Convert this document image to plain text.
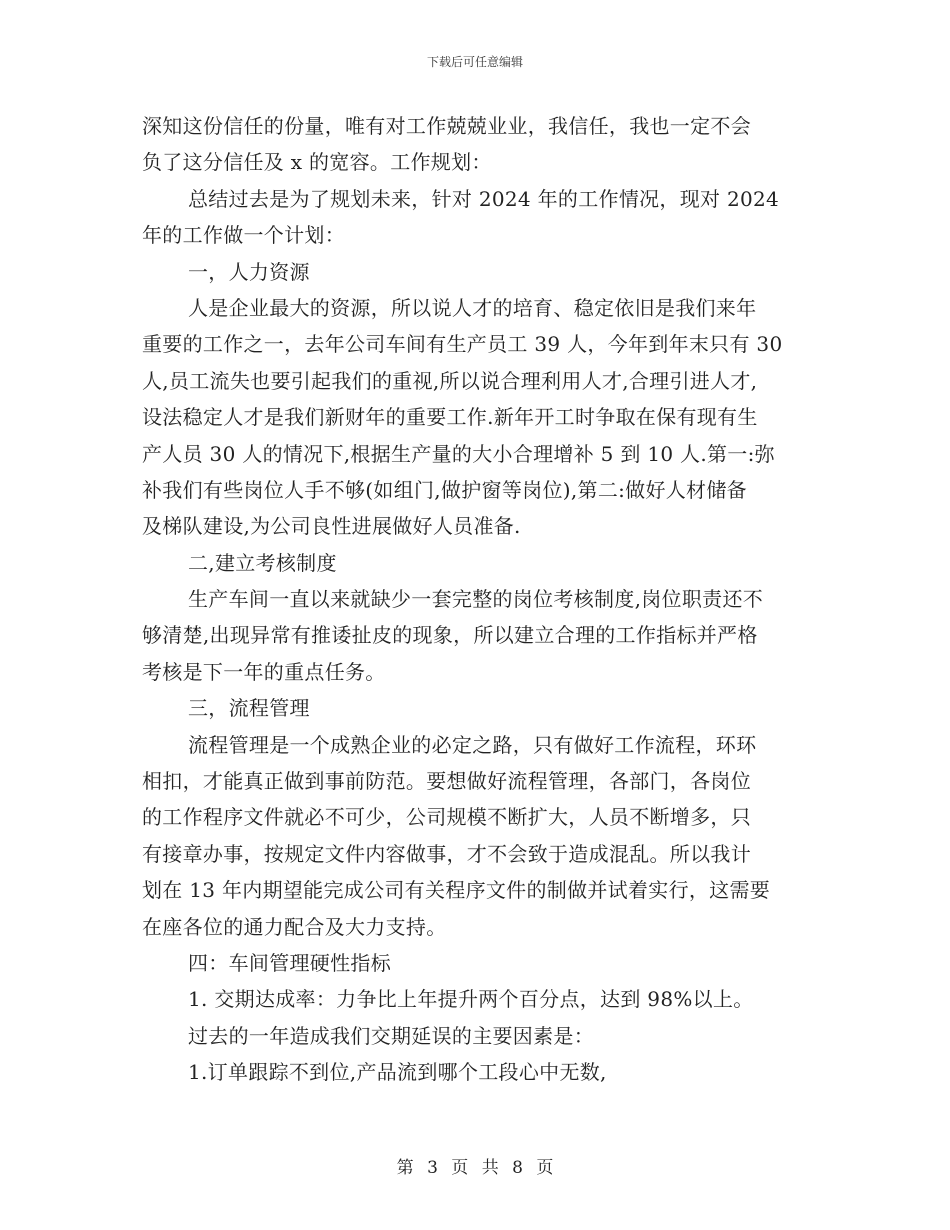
下载后可任意编辑
深知这份信任的份量，唯有对工作兢兢业业，我信任，我也一定不会
负了这分信任及 x 的宽容。工作规划：
总结过去是为了规划未来，针对 2024 年的工作情况，现对 2024
年的工作做一个计划：
一，人力资源
人是企业最大的资源，所以说人才的培育、稳定依旧是我们来年
重要的工作之一，去年公司车间有生产员工 39 人，今年到年末只有 30
人,员工流失也要引起我们的重视,所以说合理利用人才,合理引进人才,
设法稳定人才是我们新财年的重要工作.新年开工时争取在保有现有生
产人员 30 人的情况下,根据生产量的大小合理增补 5 到 10 人.第一:弥
补我们有些岗位人手不够(如组门,做护窗等岗位),第二:做好人材储备
及梯队建设,为公司良性进展做好人员准备.
二,建立考核制度
生产车间一直以来就缺少一套完整的岗位考核制度,岗位职责还不
够清楚,出现异常有推诿扯皮的现象，所以建立合理的工作指标并严格
考核是下一年的重点任务。
三，流程管理
流程管理是一个成熟企业的必定之路，只有做好工作流程，环环
相扣，才能真正做到事前防范。要想做好流程管理，各部门，各岗位
的工作程序文件就必不可少，公司规模不断扩大，人员不断增多，只
有接章办事，按规定文件内容做事，才不会致于造成混乱。所以我计
划在 13 年内期望能完成公司有关程序文件的制做并试着实行，这需要
在座各位的通力配合及大力支持。
四：车间管理硬性指标
1. 交期达成率：力争比上年提升两个百分点，达到 98%以上。
过去的一年造成我们交期延误的主要因素是：
1.订单跟踪不到位,产品流到哪个工段心中无数,
第 3 页 共 8 页
